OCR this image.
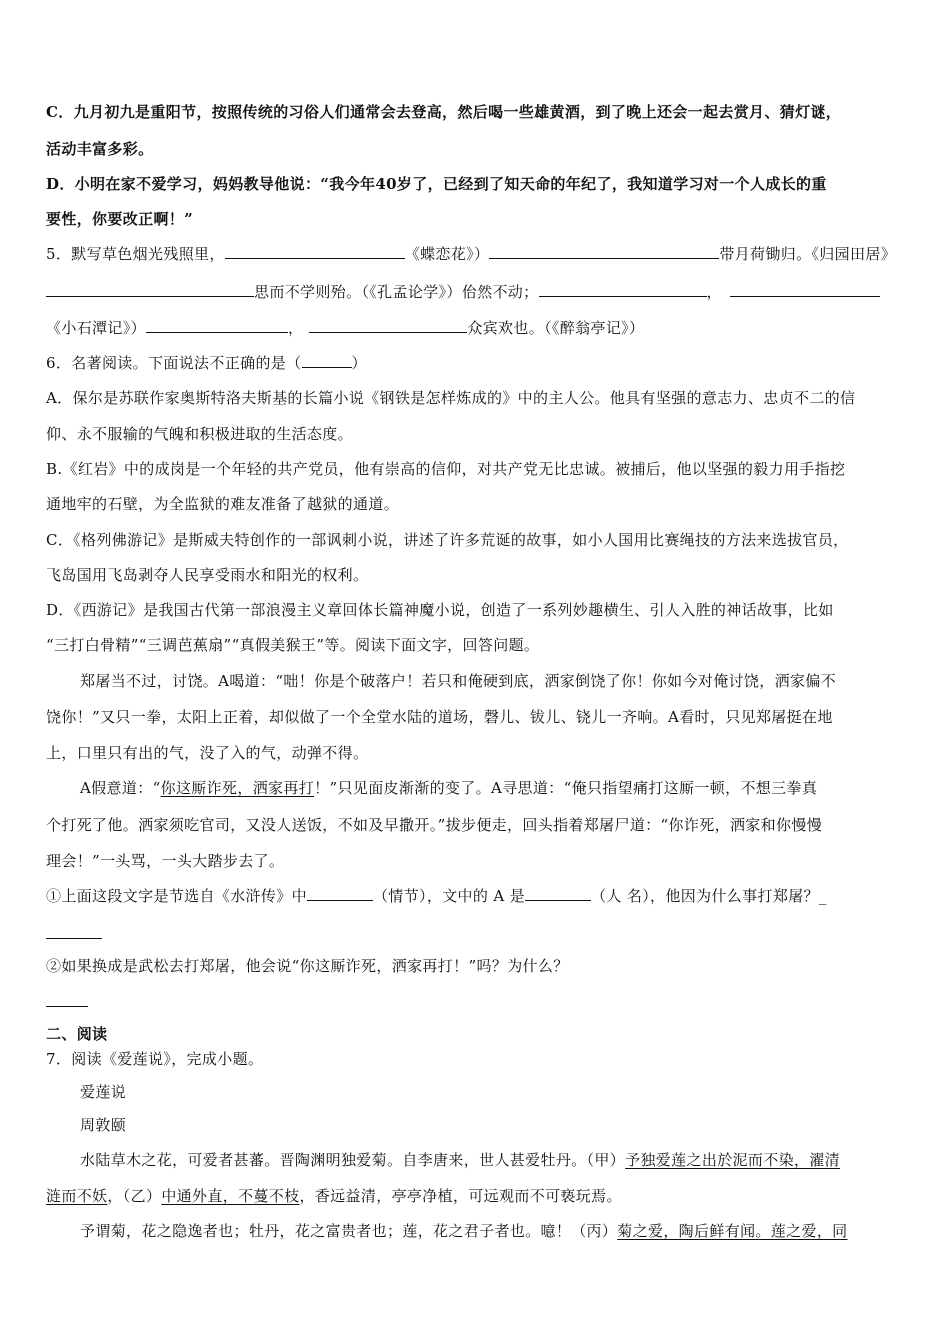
C．九月初九是重阳节，按照传统的习俗人们通常会去登高，然后喝一些雄黄酒，到了晚上还会一起去赏月、猜灯谜，
活动丰富多彩。
D．小明在家不爱学习，妈妈教导他说：“我今年40岁了，已经到了知天命的年纪了，我知道学习对一个人成长的重
要性，你要改正啊！”
5．默写草色烟光残照里，	《蝶恋花》）	带月荷锄归。《归园田居》
思而不学则殆。（《孔孟论学》）佁然不动；	，
《小石潭记》）	，	众宾欢也。（《醉翁亭记》）
6．名著阅读。下面说法不正确的是（	）
A．保尔是苏联作家奥斯特洛夫斯基的长篇小说《钢铁是怎样炼成的》中的主人公。他具有坚强的意志力、忠贞不二的信
仰、永不服输的气魄和积极进取的生活态度。
B.《红岩》中的成岗是一个年轻的共产党员，他有崇高的信仰，对共产党无比忠诚。被捕后，他以坚强的毅力用手指挖
通地牢的石壁，为全监狱的难友准备了越狱的通道。
C．《格列佛游记》是斯威夫特创作的一部讽刺小说，讲述了许多荒诞的故事，如小人国用比赛绳技的方法来选拔官员，
飞岛国用飞岛剥夺人民享受雨水和阳光的权利。
D．《西游记》是我国古代第一部浪漫主义章回体长篇神魔小说，创造了一系列妙趣横生、引人入胜的神话故事，比如
“三打白骨精”“三调芭蕉扇”“真假美猴王”等。阅读下面文字，回答问题。
郑屠当不过，讨饶。A喝道：“咄！你是个破落户！若只和俺硬到底，洒家倒饶了你！你如今对俺讨饶，洒家偏不
饶你！”又只一拳，太阳上正着，却似做了一个全堂水陆的道场，磬儿、钹儿、铙儿一齐响。A看时，只见郑屠挺在地
上，口里只有出的气，没了入的气，动弹不得。
A假意道：“你这厮诈死，洒家再打！”只见面皮渐渐的变了。A寻思道：“俺只指望痛打这厮一顿，不想三拳真
个打死了他。洒家须吃官司，又没人送饭，不如及早撒开。”拔步便走，回头指着郑屠尸道：“你诈死，洒家和你慢慢
理会！”一头骂，一头大踏步去了。
①上面这段文字是节选自《水浒传》中	（情节），文中的 A 是	（人 名），他因为什么事打郑屠？_
②如果换成是武松去打郑屠，他会说“你这厮诈死，洒家再打！”吗？为什么？
二、阅读
7．阅读《爱莲说》，完成小题。
爱莲说
周敦颐
水陆草木之花，可爱者甚蕃。晋陶渊明独爱菊。自李唐来，世人甚爱牡丹。（甲）予独爱莲之出於泥而不染，濯清
涟而不妖，（乙）中通外直，不蔓不枝，香远益清，亭亭净植，可远观而不可亵玩焉。
予谓菊，花之隐逸者也；牡丹，花之富贵者也；莲，花之君子者也。噫！（丙）菊之爱，陶后鲜有闻。莲之爱，同
